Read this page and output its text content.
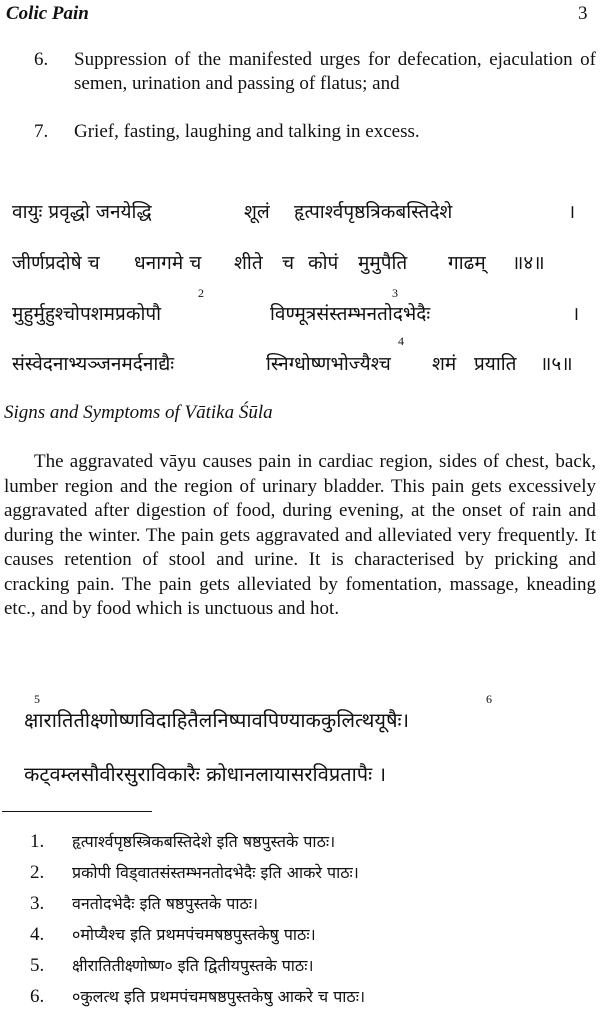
Colic Pain	3
6.	Suppression of the manifested urges for defecation, ejaculation of semen, urination and passing of flatus; and
7.	Grief, fasting, laughing and talking in excess.
वायुः प्रवृद्धो जनयेद्धि	शूलं हृत्पार्श्वपृष्ठत्रिकबस्तिदेशे	।
जीर्णप्रदोषे च धनागमे च शीते च कोपं मुमुपैति गाढम् ॥४॥
2	3
मुहुर्मुहुश्चोपशमप्रकोपौ	विण्मूत्रसंस्तम्भनतोदभेदैः	।
4
संस्वेदनाभ्यञ्जनमर्दनाद्यैः	स्निग्धोष्णभोज्यैश्च शमं प्रयाति ॥५॥
Signs and Symptoms of Vātika Śūla
The aggravated vāyu causes pain in cardiac region, sides of chest, back, lumber region and the region of urinary bladder. This pain gets excessively aggravated after digestion of food, during evening, at the onset of rain and during the winter. The pain gets aggravated and alleviated very frequently. It causes retention of stool and urine. It is characterised by pricking and cracking pain. The pain gets alleviated by fomentation, massage, kneading etc., and by food which is unctuous and hot.
5	6
क्षारातितीक्ष्णोष्णविदाहितैलनिष्पावपिण्याककुलित्थयूषैः।
कट्वम्लसौवीरसुराविकारैः क्रोधानलायासरविप्रतापैः ।
1. हृत्पार्श्वपृष्ठस्त्रिकबस्तिदेशे इति षष्ठपुस्तके पाठः।
2. प्रकोपी विड्वातसंस्तम्भनतोदभेदैः इति आकरे पाठः।
3. वनतोदभेदैः इति षष्ठपुस्तके पाठः।
4. ०मोप्यैश्च इति प्रथमपंचमषष्ठपुस्तकेषु पाठः।
5. क्षीरातितीक्ष्णोष्ण० इति द्वितीयपुस्तके पाठः।
6. ०कुलत्थ इति प्रथमपंचमषष्ठपुस्तकेषु आकरे च पाठः।
